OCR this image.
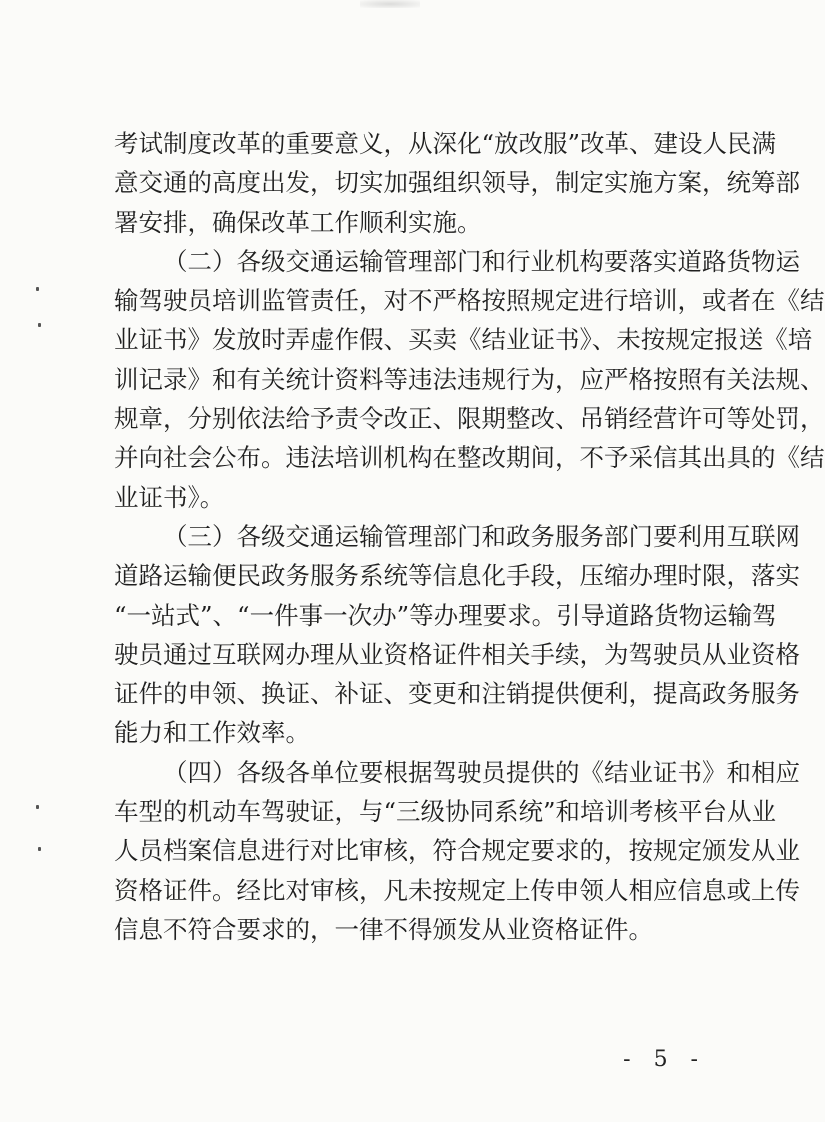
考试制度改革的重要意义，从深化“放改服”改革、建设人民满
意交通的高度出发，切实加强组织领导，制定实施方案，统筹部
署安排，确保改革工作顺利实施。
（二）各级交通运输管理部门和行业机构要落实道路货物运
输驾驶员培训监管责任，对不严格按照规定进行培训，或者在《结
业证书》发放时弄虚作假、买卖《结业证书》、未按规定报送《培
训记录》和有关统计资料等违法违规行为，应严格按照有关法规、
规章，分别依法给予责令改正、限期整改、吊销经营许可等处罚，
并向社会公布。违法培训机构在整改期间，不予采信其出具的《结
业证书》。
（三）各级交通运输管理部门和政务服务部门要利用互联网
道路运输便民政务服务系统等信息化手段，压缩办理时限，落实
“一站式”、“一件事一次办”等办理要求。引导道路货物运输驾
驶员通过互联网办理从业资格证件相关手续，为驾驶员从业资格
证件的申领、换证、补证、变更和注销提供便利，提高政务服务
能力和工作效率。
（四）各级各单位要根据驾驶员提供的《结业证书》和相应
车型的机动车驾驶证，与“三级协同系统”和培训考核平台从业
人员档案信息进行对比审核，符合规定要求的，按规定颁发从业
资格证件。经比对审核，凡未按规定上传申领人相应信息或上传
信息不符合要求的，一律不得颁发从业资格证件。
- 5 -
